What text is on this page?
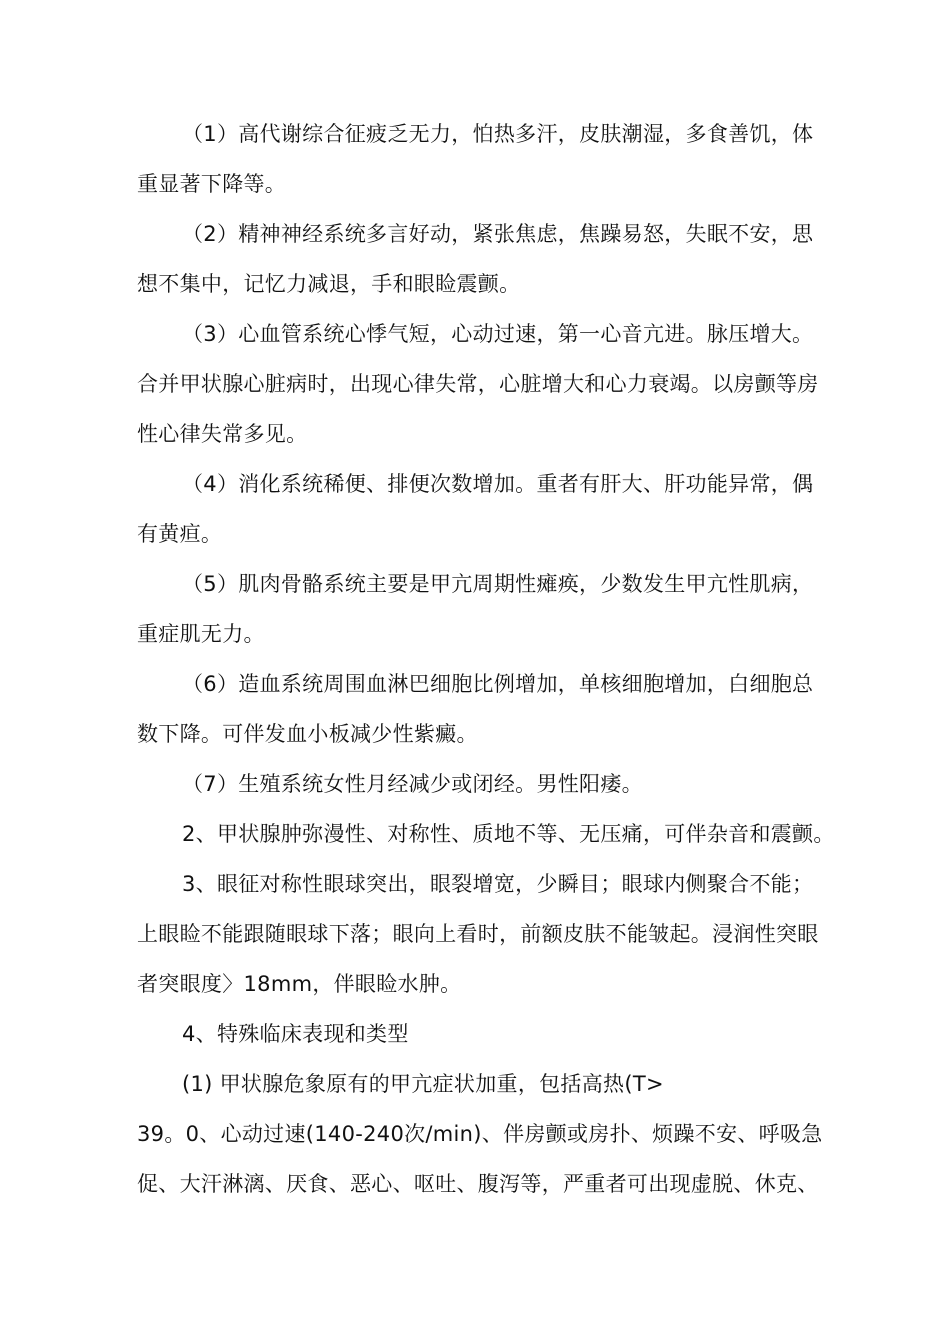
（1）高代谢综合征疲乏无力，怕热多汗，皮肤潮湿，多食善饥，体
重显著下降等。
（2）精神神经系统多言好动，紧张焦虑，焦躁易怒，失眠不安，思
想不集中，记忆力减退，手和眼睑震颤。
（3）心血管系统心悸气短，心动过速，第一心音亢进。脉压增大。
合并甲状腺心脏病时，出现心律失常，心脏增大和心力衰竭。以房颤等房
性心律失常多见。
（4）消化系统稀便、排便次数增加。重者有肝大、肝功能异常，偶
有黄疸。
（5）肌肉骨骼系统主要是甲亢周期性瘫痪，少数发生甲亢性肌病，
重症肌无力。
（6）造血系统周围血淋巴细胞比例增加，单核细胞增加，白细胞总
数下降。可伴发血小板减少性紫癜。
（7）生殖系统女性月经减少或闭经。男性阳痿。
2、甲状腺肿弥漫性、对称性、质地不等、无压痛，可伴杂音和震颤。
3、眼征对称性眼球突出，眼裂增宽，少瞬目；眼球内侧聚合不能；
上眼睑不能跟随眼球下落；眼向上看时，前额皮肤不能皱起。浸润性突眼
者突眼度〉18mm，伴眼睑水肿。
4、特殊临床表现和类型
(1) 甲状腺危象原有的甲亢症状加重，包括高热(T>
39。0、心动过速(140-240次/min)、伴房颤或房扑、烦躁不安、呼吸急
促、大汗淋漓、厌食、恶心、呕吐、腹泻等，严重者可出现虚脱、休克、
